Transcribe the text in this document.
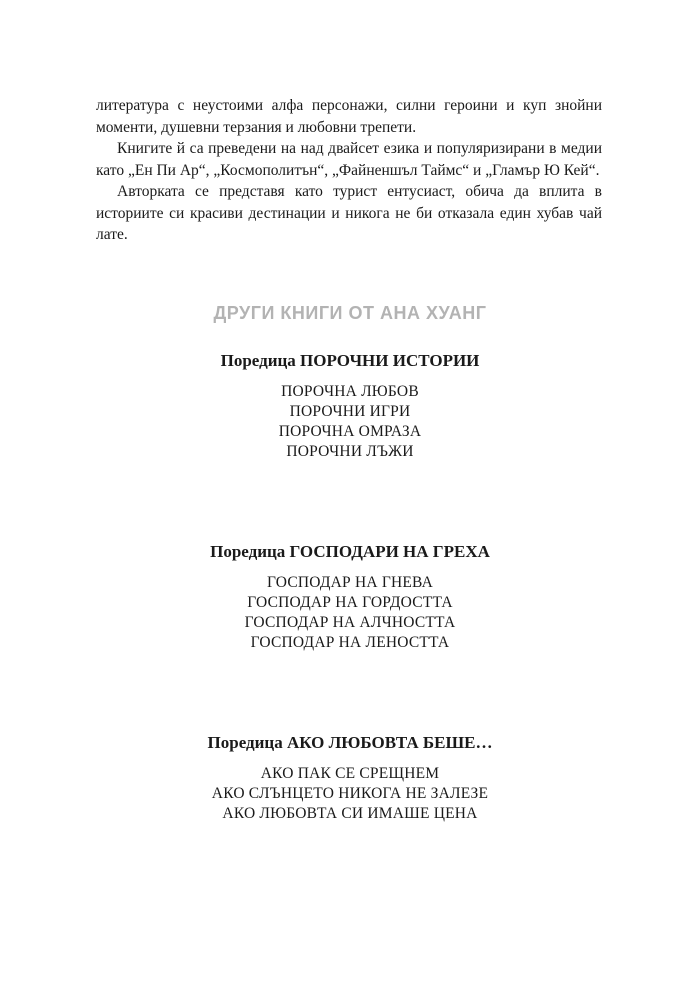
литература с неустоими алфа персонажи, силни героини и куп знойни моменти, душевни терзания и любовни трепети.

Книгите й са преведени на над двайсет езика и популяризирани в медии като „Ен Пи Ар“, „Космополитън“, „Файненшъл Таймс“ и „Гламър Ю Кей“.

Авторката се представя като турист ентусиаст, обича да вплита в историите си красиви дестинации и никога не би отказала един хубав чай лате.

ДРУГИ КНИГИ ОТ АНА ХУАНГ
Поредица ПОРОЧНИ ИСТОРИИ
ПОРОЧНА ЛЮБОВ
ПОРОЧНИ ИГРИ
ПОРОЧНА ОМРАЗА
ПОРОЧНИ ЛЪЖИ
Поредица ГОСПОДАРИ НА ГРЕХА
ГОСПОДАР НА ГНЕВА
ГОСПОДАР НА ГОРДОСТТА
ГОСПОДАР НА АЛЧНОСТТА
ГОСПОДАР НА ЛЕНОСТТА
Поредица АКО ЛЮБОВТА БЕШЕ…
АКО ПАК СЕ СРЕЩНЕМ
АКО СЛЪНЦЕТО НИКОГА НЕ ЗАЛЕЗЕ
АКО ЛЮБОВТА СИ ИМАШЕ ЦЕНА
